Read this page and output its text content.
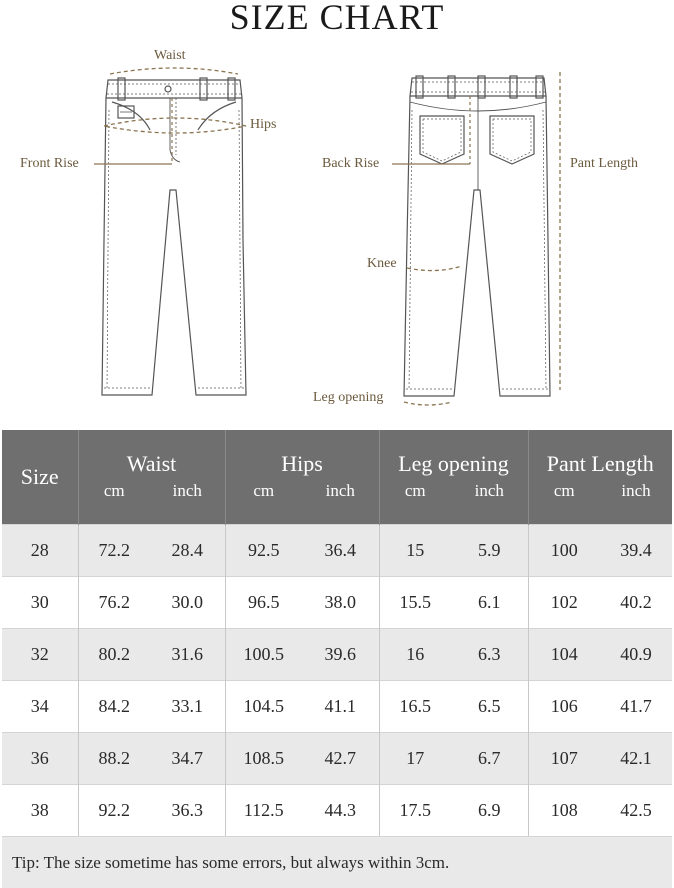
SIZE CHART
Waist
Hips
Front Rise	Back Rise	Pant Length
Knee
Leg opening
Size	Waist		Hips		Leg opening		Pant Length	
	cm	inch	cm	inch	cm	inch	cm	inch
28	72.2	28.4	92.5	36.4	15	5.9	100	39.4
30	76.2	30.0	96.5	38.0	15.5	6.1	102	40.2
32	80.2	31.6	100.5	39.6	16	6.3	104	40.9
34	84.2	33.1	104.5	41.1	16.5	6.5	106	41.7
36	88.2	34.7	108.5	42.7	17	6.7	107	42.1
38	92.2	36.3	112.5	44.3	17.5	6.9	108	42.5
Tip: The size sometime has some errors, but always within 3cm.
